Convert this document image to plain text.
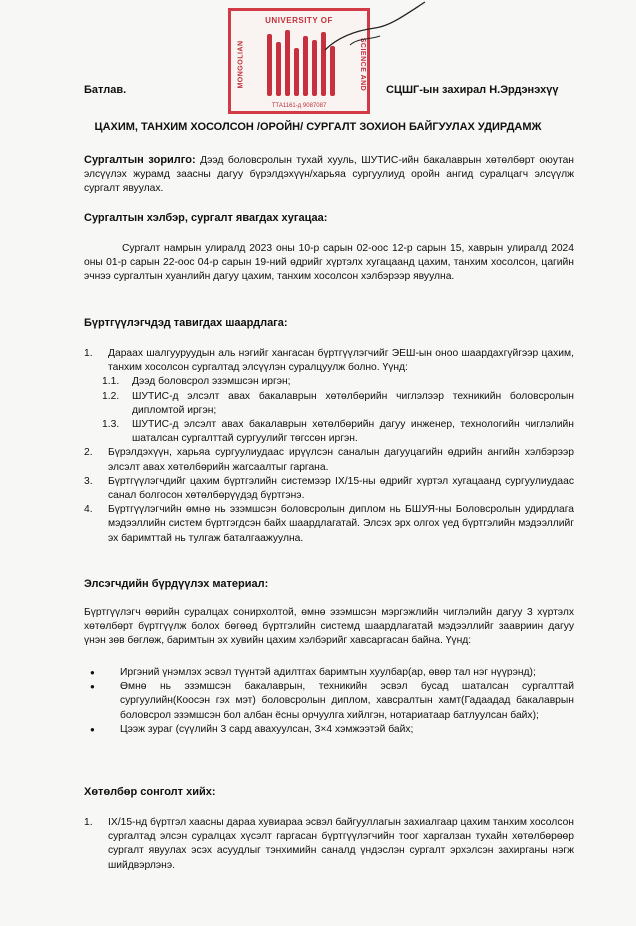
UNIVERSITY OF
MONGOLIAN	SCIENCE AND
ТТА1161-д 9087087
Батлав.	СЦШГ-ын захирал Н.Эрдэнэхүү
ЦАХИМ, ТАНХИМ ХОСОЛСОН /ОРОЙН/ СУРГАЛТ ЗОХИОН БАЙГУУЛАХ УДИРДАМЖ
Сургалтын зорилго: Дээд боловсролын тухай хууль, ШУТИС-ийн бакалаврын хөтөлбөрт оюутан элсүүлэх журамд заасны дагуу бүрэлдэхүүн/харьяа сургуулиуд оройн ангид суралцагч элсүүлж сургалт явуулах.
Сургалтын хэлбэр, сургалт явагдах хугацаа:
Сургалт намрын улиралд 2023 оны 10-р сарын 02-оос 12-р сарын 15, хаврын улиралд 2024 оны 01-р сарын 22-оос 04-р сарын 19-ний өдрийг хүртэлх хугацаанд цахим, танхим хосолсон, цагийн эчнээ сургалтын хуанлийн дагуу цахим, танхим хосолсон хэлбэрээр явуулна.
Бүртгүүлэгчдэд тавигдах шаардлага:
1. Дараах шалгууруудын аль нэгийг хангасан бүртгүүлэгчийг ЭЕШ-ын оноо шаардахгүйгээр цахим, танхим хосолсон сургалтад элсүүлэн суралцуулж болно. Үүнд:
1.1. Дээд боловсрол эзэмшсэн иргэн;
1.2. ШУТИС-д элсэлт авах бакалаврын хөтөлбөрийн чиглэлээр техникийн боловсролын дипломтой иргэн;
1.3. ШУТИС-д элсэлт авах бакалаврын хөтөлбөрийн дагуу инженер, технологийн чиглэлийн шаталсан сургалттай сургуулийг төгссөн иргэн.
2. Бүрэлдэхүүн, харьяа сургуулиудаас ирүүлсэн саналын дагууцагийн өдрийн ангийн хэлбэрээр элсэлт авах хөтөлбөрийн жагсаалтыг гаргана.
3. Бүртгүүлэгчдийг цахим бүртгэлийн системээр IX/15-ны өдрийг хүртэл хугацаанд сургуулиудаас санал болгосон хөтөлбөрүүдэд бүртгэнэ.
4. Бүртгүүлэгчийн өмнө нь эзэмшсэн боловсролын диплом нь БШУЯ-ны Боловсролын удирдлага мэдээллийн систем бүртгэгдсэн байх шаардлагатай. Элсэх эрх олгох үед бүртгэлийн мэдээллийг эх баримттай нь тулгаж баталгаажуулна.
Элсэгчдийн бүрдүүлэх материал:
Бүртгүүлэгч өөрийн суралцах сонирхолтой, өмнө эзэмшсэн мэргэжлийн чиглэлийн дагуу 3 хүртэлх хөтөлбөрт бүртгүүлж болох бөгөөд бүртгэлийн системд шаардлагатай мэдээллийг заавриин дагуу үнэн зөв бөглөж, баримтын эх хувийн цахим хэлбэрийг хавсаргасан байна. Үүнд:
● Иргэний үнэмлэх эсвэл түүнтэй адилтгах баримтын хуулбар(ар, өвөр тал нэг нүүрэнд);
● Өмнө нь эзэмшсэн бакалаврын, техникийн эсвэл бусад шаталсан сургалттай сургуулийн(Коосэн гэх мэт) боловсролын диплом, хавсралтын хамт(Гадаадад бакалаврын боловсрол эзэмшсэн бол албан ёсны орчуулга хийлгэн, нотариатаар батлуулсан байх);
● Цээж зураг (сүүлийн 3 сард авахуулсан, 3×4 хэмжээтэй байх;
Хөтөлбөр сонголт хийх:
1. IX/15-нд бүртгэл хаасны дараа хувиараа эсвэл байгууллагын захиалгаар цахим танхим хосолсон сургалтад элсэн суралцах хүсэлт гаргасан бүртгүүлэгчийн тоог харгалзан тухайн хөтөлбөрөөр сургалт явуулах эсэх асуудлыг тэнхимийн саналд үндэслэн сургалт эрхэлсэн захирганы нэгж шийдвэрлэнэ.
